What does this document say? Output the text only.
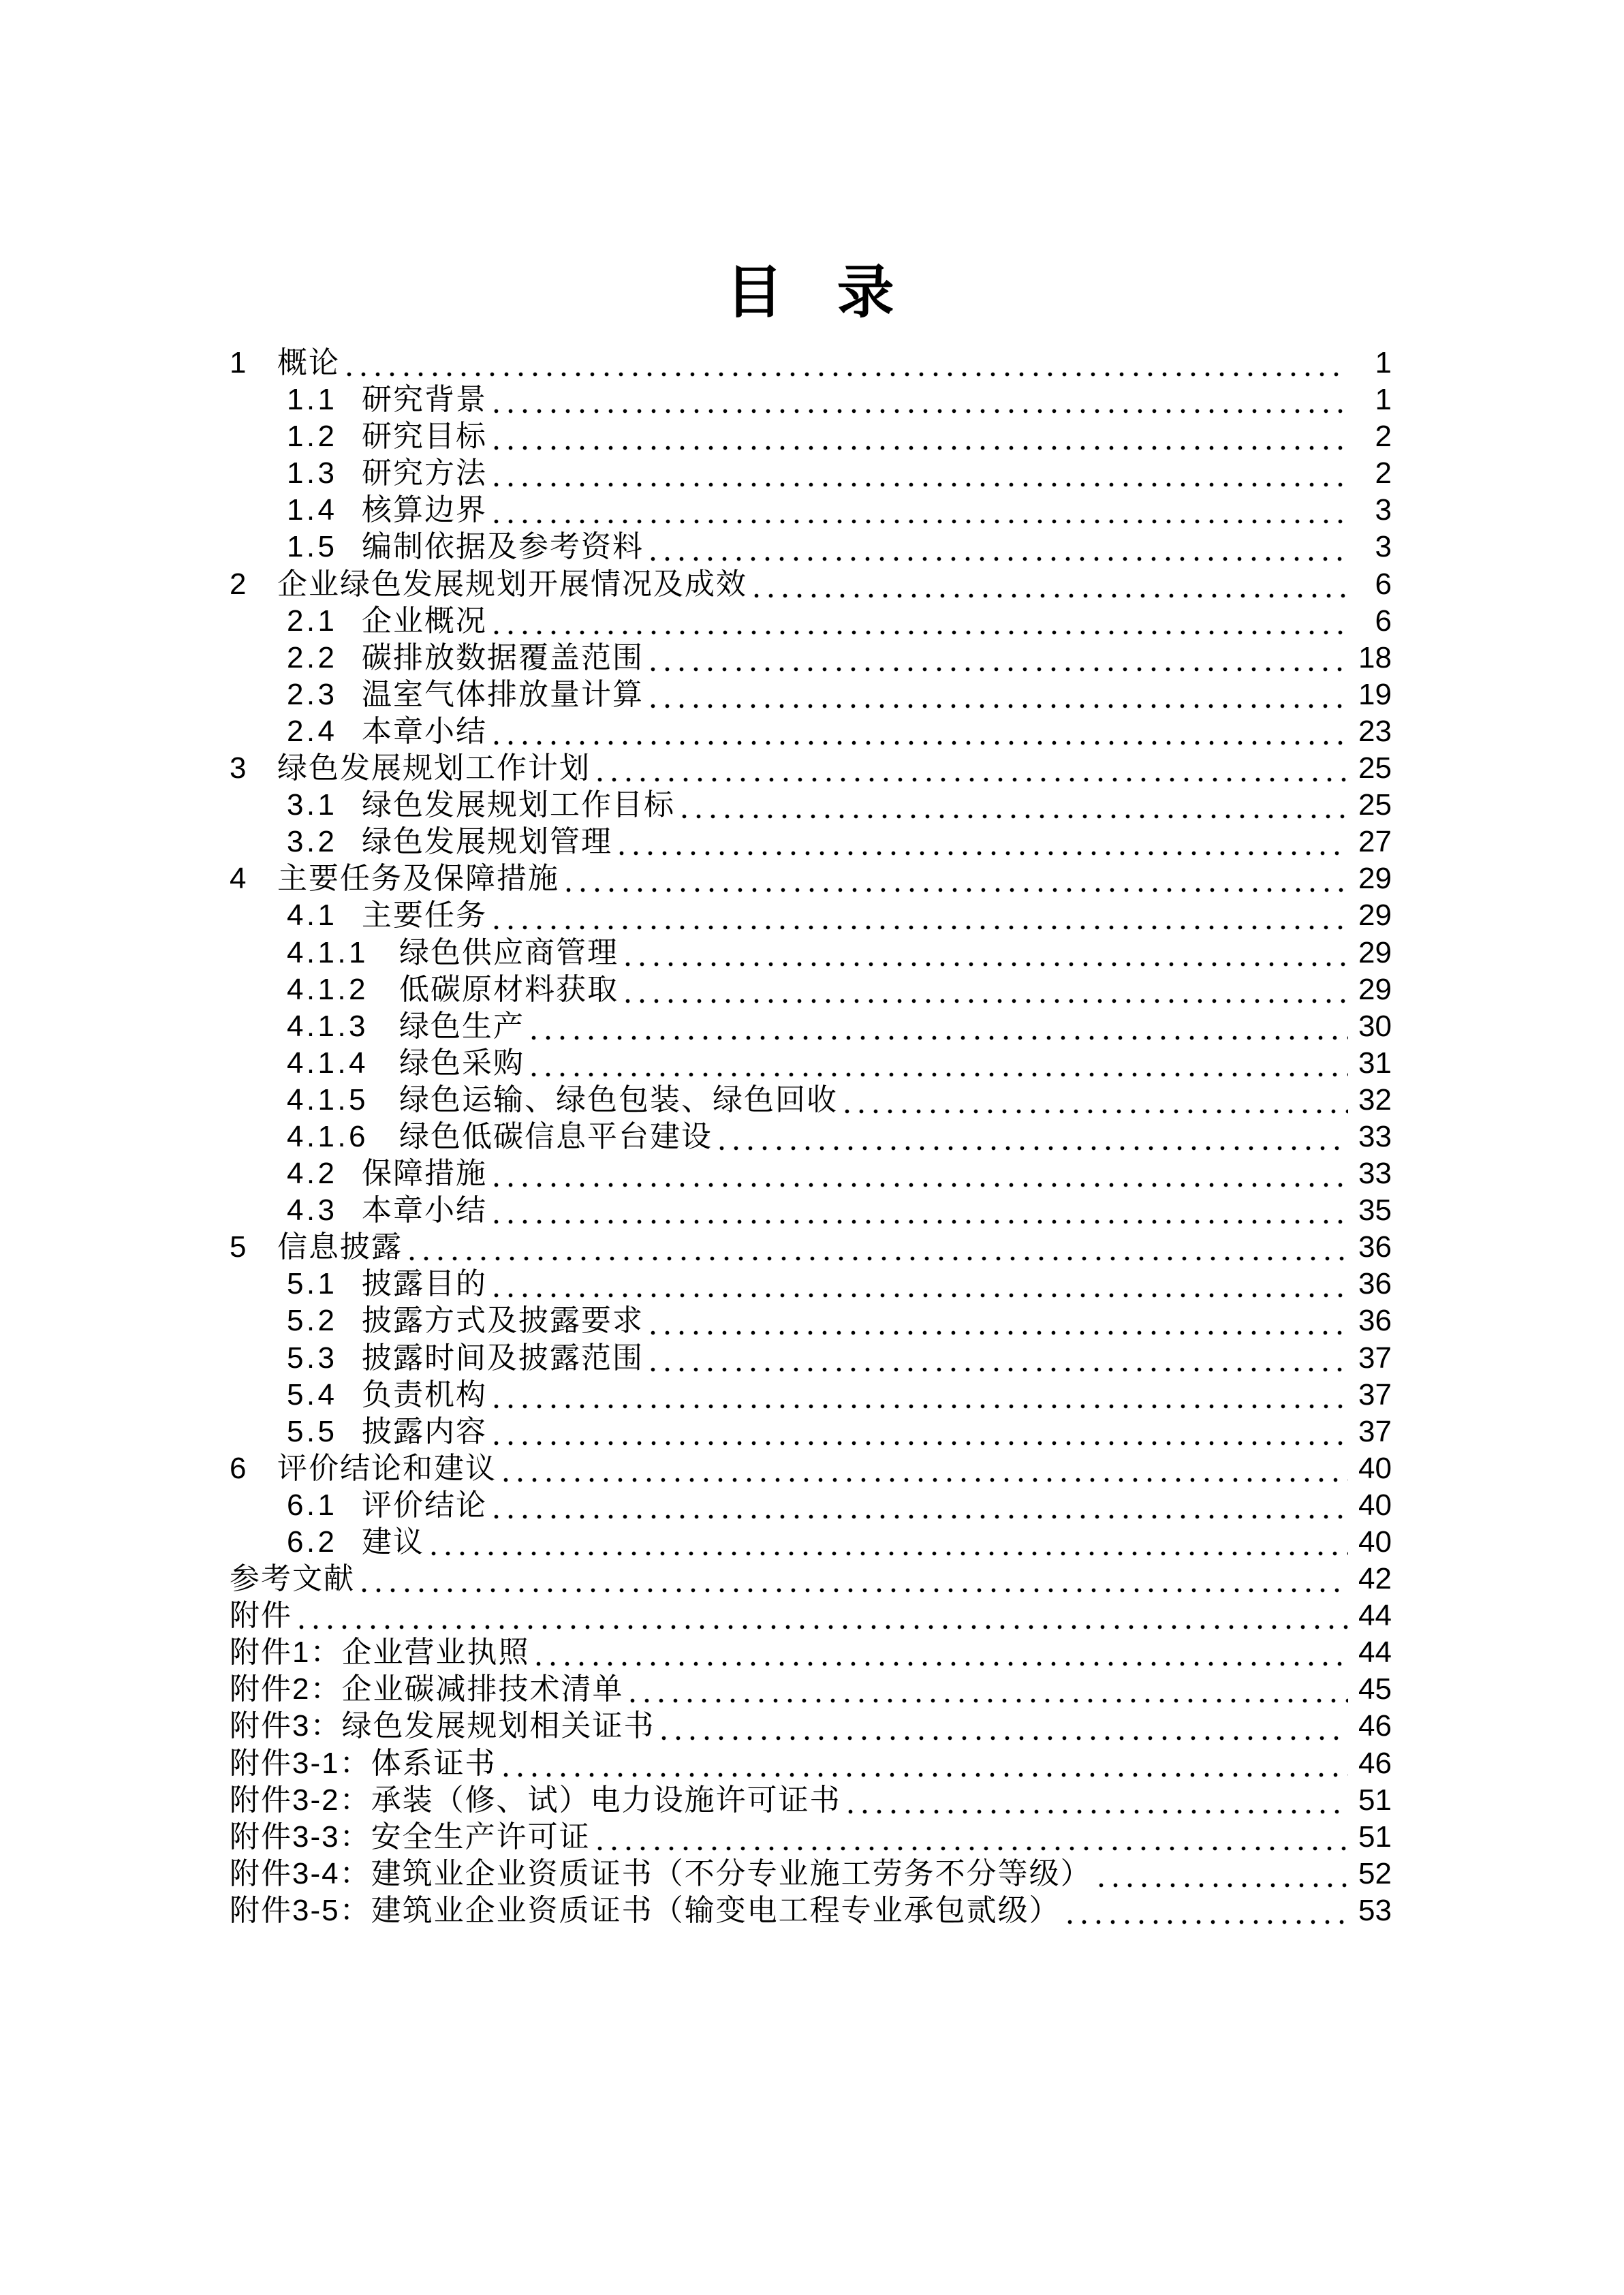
目 录
1 概论	1
1.1 研究背景	1
1.2 研究目标	2
1.3 研究方法	2
1.4 核算边界	3
1.5 编制依据及参考资料	3
2 企业绿色发展规划开展情况及成效	6
2.1 企业概况	6
2.2 碳排放数据覆盖范围	18
2.3 温室气体排放量计算	19
2.4 本章小结	23
3 绿色发展规划工作计划	25
3.1 绿色发展规划工作目标	25
3.2 绿色发展规划管理	27
4 主要任务及保障措施	29
4.1 主要任务	29
4.1.1	绿色供应商管理	29
4.1.2	低碳原材料获取	29
4.1.3	绿色生产	30
4.1.4	绿色采购	31
4.1.5	绿色运输、绿色包装、绿色回收	32
4.1.6	绿色低碳信息平台建设	33
4.2 保障措施	33
4.3 本章小结	35
5 信息披露	36
5.1 披露目的	36
5.2 披露方式及披露要求	36
5.3 披露时间及披露范围	37
5.4 负责机构	37
5.5 披露内容	37
6 评价结论和建议	40
6.1 评价结论	40
6.2 建议	40
参考文献	42
附件	44
附件1：企业营业执照	44
附件2：企业碳减排技术清单	45
附件3：绿色发展规划相关证书	46
附件3-1：体系证书	46
附件3-2：承装（修、试）电力设施许可证书	51
附件3-3：安全生产许可证	51
附件3-4：建筑业企业资质证书（不分专业施工劳务不分等级）	52
附件3-5：建筑业企业资质证书（输变电工程专业承包贰级）	53
